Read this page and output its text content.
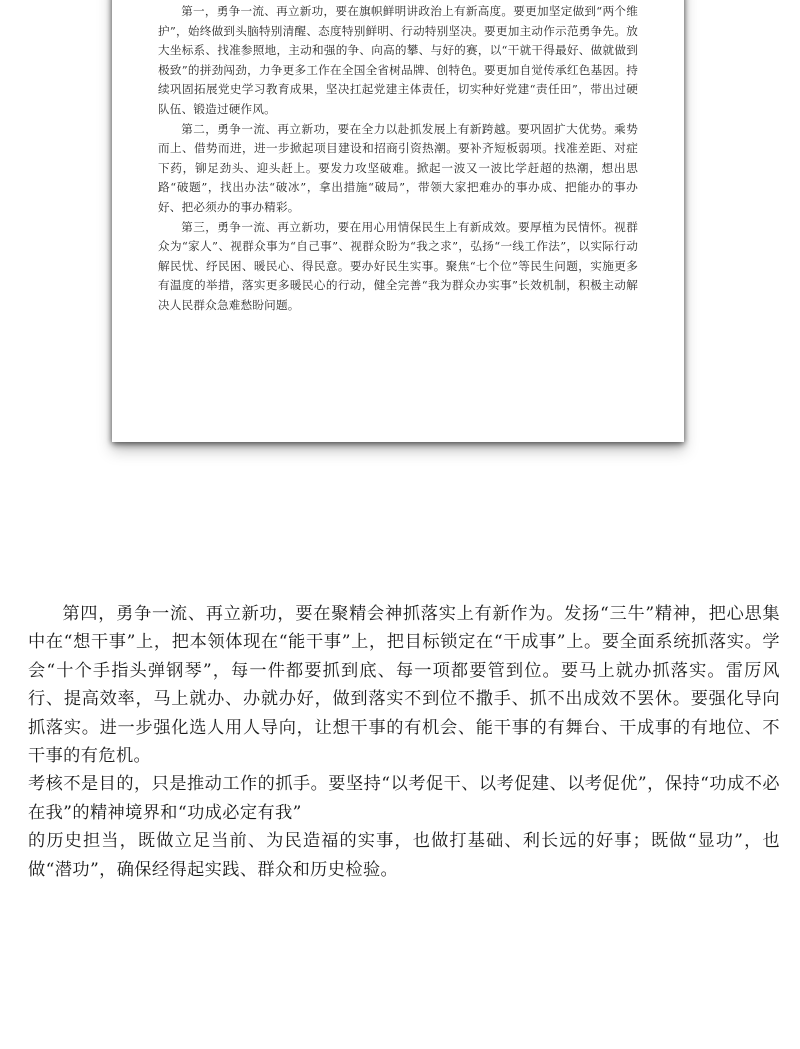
第一，勇争一流、再立新功，要在旗帜鲜明讲政治上有新高度。要更加坚定做到“两个维护”，始终做到头脑特别清醒、态度特别鲜明、行动特别坚决。要更加主动作示范勇争先。放大坐标系、找准参照地，主动和强的争、向高的攀、与好的赛，以“干就干得最好、做就做到极致”的拼劲闯劲，力争更多工作在全国全省树品牌、创特色。要更加自觉传承红色基因。持续巩固拓展党史学习教育成果，坚决扛起党建主体责任，切实种好党建“责任田”，带出过硬队伍、锻造过硬作风。

第二，勇争一流、再立新功，要在全力以赴抓发展上有新跨越。要巩固扩大优势。乘势而上、借势而进，进一步掀起项目建设和招商引资热潮。要补齐短板弱项。找准差距、对症下药，铆足劲头、迎头赶上。要发力攻坚破难。掀起一波又一波比学赶超的热潮，想出思路“破题”，找出办法“破冰”，拿出措施“破局”，带领大家把难办的事办成、把能办的事办好、把必须办的事办精彩。

第三，勇争一流、再立新功，要在用心用情保民生上有新成效。要厚植为民情怀。视群众为“家人”、视群众事为“自己事”、视群众盼为“我之求”，弘扬“一线工作法”，以实际行动解民忧、纾民困、暖民心、得民意。要办好民生实事。聚焦“七个位”等民生问题，实施更多有温度的举措，落实更多暖民心的行动，健全完善“我为群众办实事”长效机制，积极主动解决人民群众急难愁盼问题。

第四，勇争一流、再立新功，要在聚精会神抓落实上有新作为。发扬“三牛”精神，把心思集中在“想干事”上，把本领体现在“能干事”上，把目标锁定在“干成事”上。要全面系统抓落实。学会“十个手指头弹钢琴”，每一件都要抓到底、每一项都要管到位。要马上就办抓落实。雷厉风行、提高效率，马上就办、办就办好，做到落实不到位不撒手、抓不出成效不罢休。要强化导向抓落实。进一步强化选人用人导向，让想干事的有机会、能干事的有舞台、干成事的有地位、不干事的有危机。

考核不是目的，只是推动工作的抓手。要坚持“以考促干、以考促建、以考促优”，保持“功成不必在我”的精神境界和“功成必定有我”

的历史担当，既做立足当前、为民造福的实事，也做打基础、利长远的好事；既做“显功”，也做“潜功”，确保经得起实践、群众和历史检验。
